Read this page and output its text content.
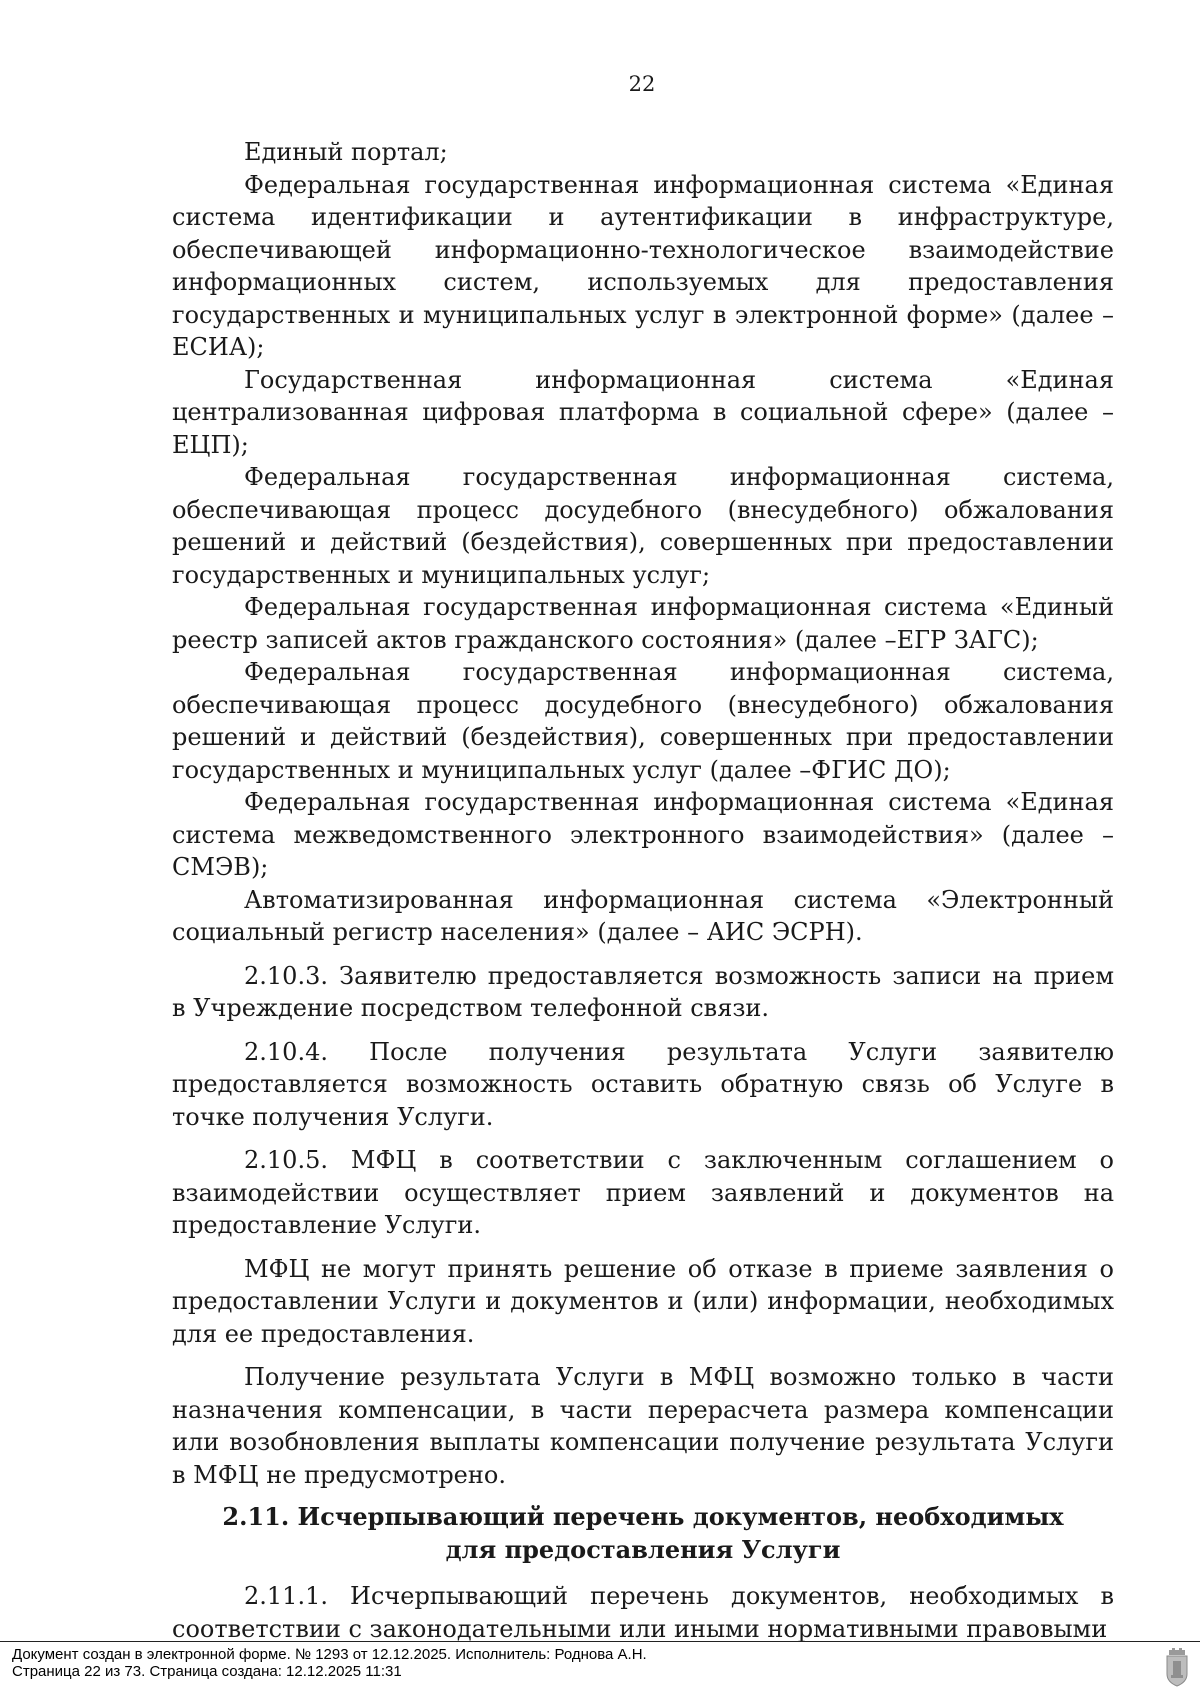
22

Единый портал;

Федеральная государственная информационная система «Единая система идентификации и аутентификации в инфраструктуре, обеспечивающей информационно-технологическое взаимодействие информационных систем, используемых для предоставления государственных и муниципальных услуг в электронной форме» (далее – ЕСИА);

Государственная информационная система «Единая централизованная цифровая платформа в социальной сфере» (далее – ЕЦП);

Федеральная государственная информационная система, обеспечивающая процесс досудебного (внесудебного) обжалования решений и действий (бездействия), совершенных при предоставлении государственных и муниципальных услуг;

Федеральная государственная информационная система «Единый реестр записей актов гражданского состояния» (далее –ЕГР ЗАГС);

Федеральная государственная информационная система, обеспечивающая процесс досудебного (внесудебного) обжалования решений и действий (бездействия), совершенных при предоставлении государственных и муниципальных услуг (далее –ФГИС ДО);

Федеральная государственная информационная система «Единая система межведомственного электронного взаимодействия» (далее – СМЭВ);

Автоматизированная информационная система «Электронный социальный регистр населения» (далее – АИС ЭСРН).

2.10.3. Заявителю предоставляется возможность записи на прием в Учреждение посредством телефонной связи.

2.10.4. После получения результата Услуги заявителю предоставляется возможность оставить обратную связь об Услуге в точке получения Услуги.

2.10.5. МФЦ в соответствии с заключенным соглашением о взаимодействии осуществляет прием заявлений и документов на предоставление Услуги.

МФЦ не могут принять решение об отказе в приеме заявления о предоставлении Услуги и документов и (или) информации, необходимых для ее предоставления.

Получение результата Услуги в МФЦ возможно только в части назначения компенсации, в части перерасчета размера компенсации или возобновления выплаты компенсации получение результата Услуги в МФЦ не предусмотрено.

2.11. Исчерпывающий перечень документов, необходимых для предоставления Услуги

2.11.1. Исчерпывающий перечень документов, необходимых в соответствии с законодательными или иными нормативными правовыми

Документ создан в электронной форме. № 1293 от 12.12.2025. Исполнитель: Роднова А.Н.
Страница 22 из 73. Страница создана: 12.12.2025 11:31
